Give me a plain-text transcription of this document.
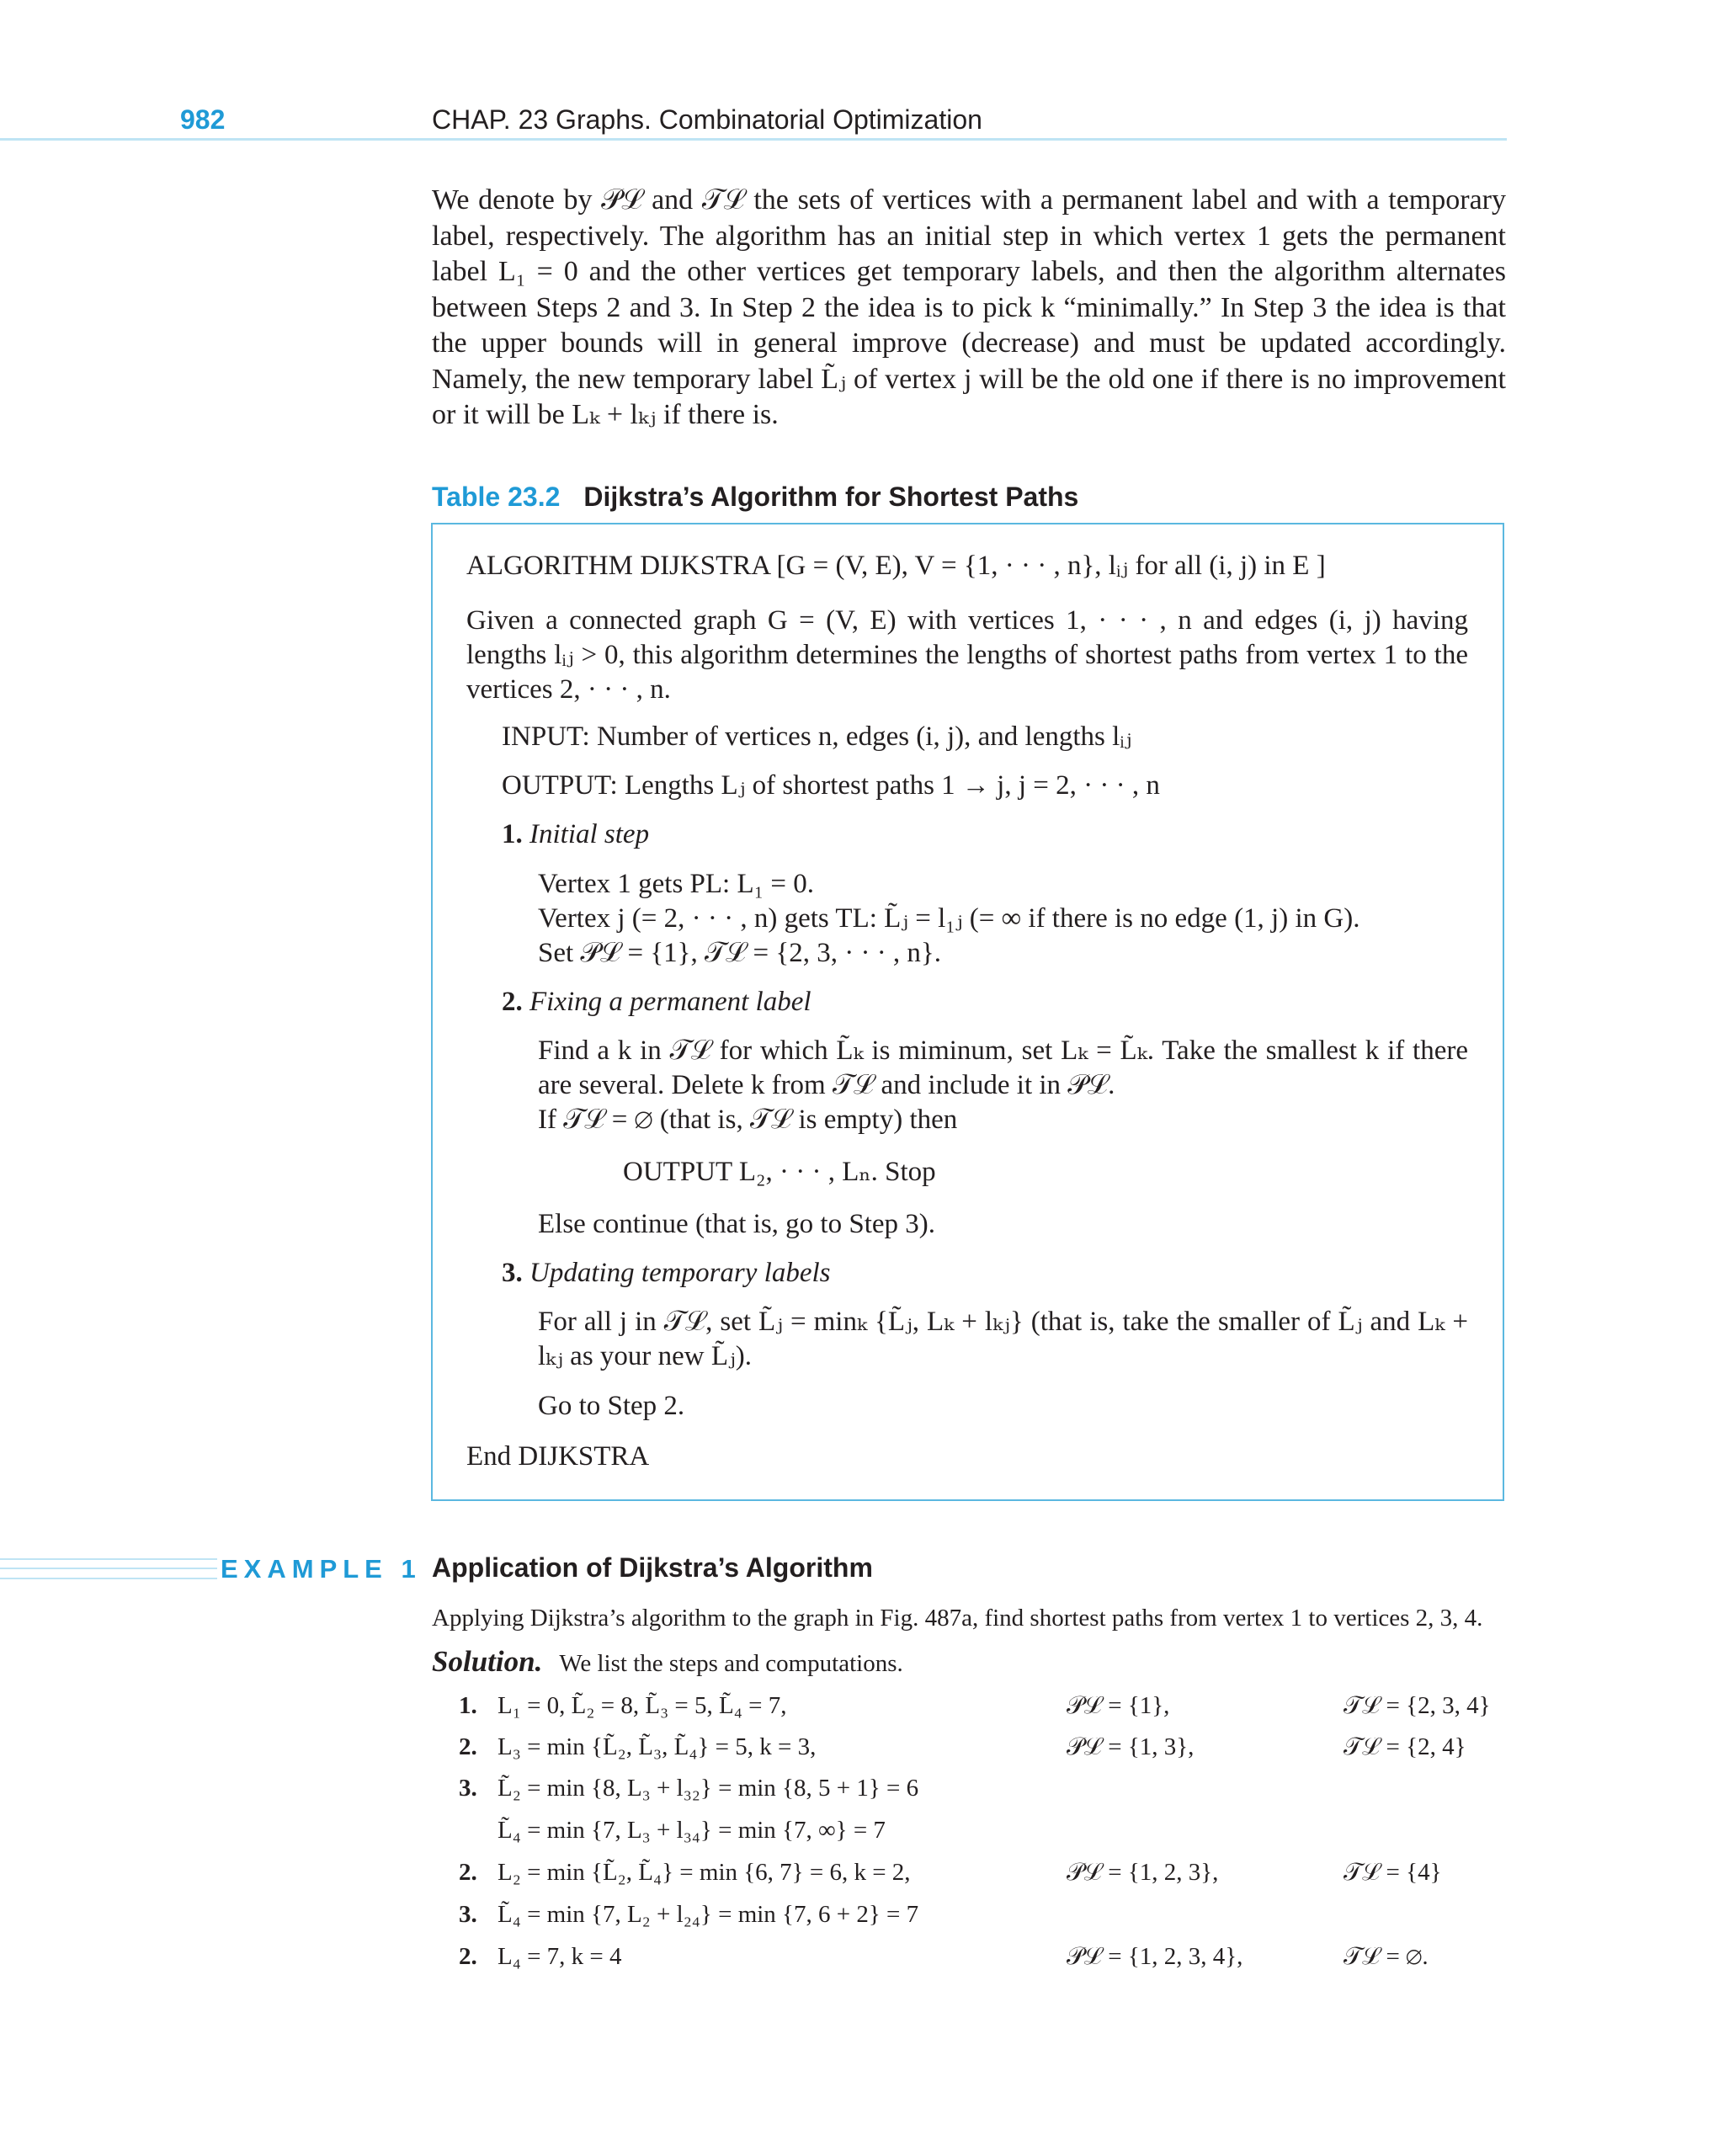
982	CHAP. 23 Graphs. Combinatorial Optimization

We denote by 𝒫ℒ and 𝒯ℒ the sets of vertices with a permanent label and with a temporary label, respectively. The algorithm has an initial step in which vertex 1 gets the permanent label L₁ = 0 and the other vertices get temporary labels, and then the algorithm alternates between Steps 2 and 3. In Step 2 the idea is to pick k “minimally.” In Step 3 the idea is that the upper bounds will in general improve (decrease) and must be updated accordingly. Namely, the new temporary label L̃ⱼ of vertex j will be the old one if there is no improvement or it will be Lₖ + lₖⱼ if there is.

Table 23.2 Dijkstra’s Algorithm for Shortest Paths
ALGORITHM DIJKSTRA [G = (V, E), V = {1, · · · , n}, lᵢⱼ for all (i, j) in E ]
Given a connected graph G = (V, E) with vertices 1, · · · , n and edges (i, j) having lengths lᵢⱼ > 0, this algorithm determines the lengths of shortest paths from vertex 1 to the vertices 2, · · · , n.
INPUT: Number of vertices n, edges (i, j), and lengths lᵢⱼ
OUTPUT: Lengths Lⱼ of shortest paths 1 → j, j = 2, · · · , n
1. Initial step
Vertex 1 gets PL: L₁ = 0.
Vertex j (= 2, · · · , n) gets TL: L̃ⱼ = l₁ⱼ (= ∞ if there is no edge (1, j) in G).
Set 𝒫ℒ = {1}, 𝒯ℒ = {2, 3, · · · , n}.
2. Fixing a permanent label
Find a k in 𝒯ℒ for which L̃ₖ is miminum, set Lₖ = L̃ₖ. Take the smallest k if there are several. Delete k from 𝒯ℒ and include it in 𝒫ℒ.
If 𝒯ℒ = ∅ (that is, 𝒯ℒ is empty) then
OUTPUT L₂, · · · , Lₙ. Stop
Else continue (that is, go to Step 3).
3. Updating temporary labels
For all j in 𝒯ℒ, set L̃ⱼ = minₖ {L̃ⱼ, Lₖ + lₖⱼ} (that is, take the smaller of L̃ⱼ and Lₖ + lₖⱼ as your new L̃ⱼ).
Go to Step 2.
End DIJKSTRA
EXAMPLE 1 Application of Dijkstra’s Algorithm
Applying Dijkstra’s algorithm to the graph in Fig. 487a, find shortest paths from vertex 1 to vertices 2, 3, 4.
Solution. We list the steps and computations.
1. L₁ = 0, L̃₂ = 8, L̃₃ = 5, L̃₄ = 7,	𝒫ℒ = {1},	𝒯ℒ = {2, 3, 4}
2. L₃ = min {L̃₂, L̃₃, L̃₄} = 5, k = 3,	𝒫ℒ = {1, 3},	𝒯ℒ = {2, 4}
3. L̃₂ = min {8, L₃ + l₃₂} = min {8, 5 + 1} = 6
L̃₄ = min {7, L₃ + l₃₄} = min {7, ∞} = 7
2. L₂ = min {L̃₂, L̃₄} = min {6, 7} = 6, k = 2,	𝒫ℒ = {1, 2, 3},	𝒯ℒ = {4}
3. L̃₄ = min {7, L₂ + l₂₄} = min {7, 6 + 2} = 7
2. L₄ = 7, k = 4	𝒫ℒ = {1, 2, 3, 4},	𝒯ℒ = ∅.
